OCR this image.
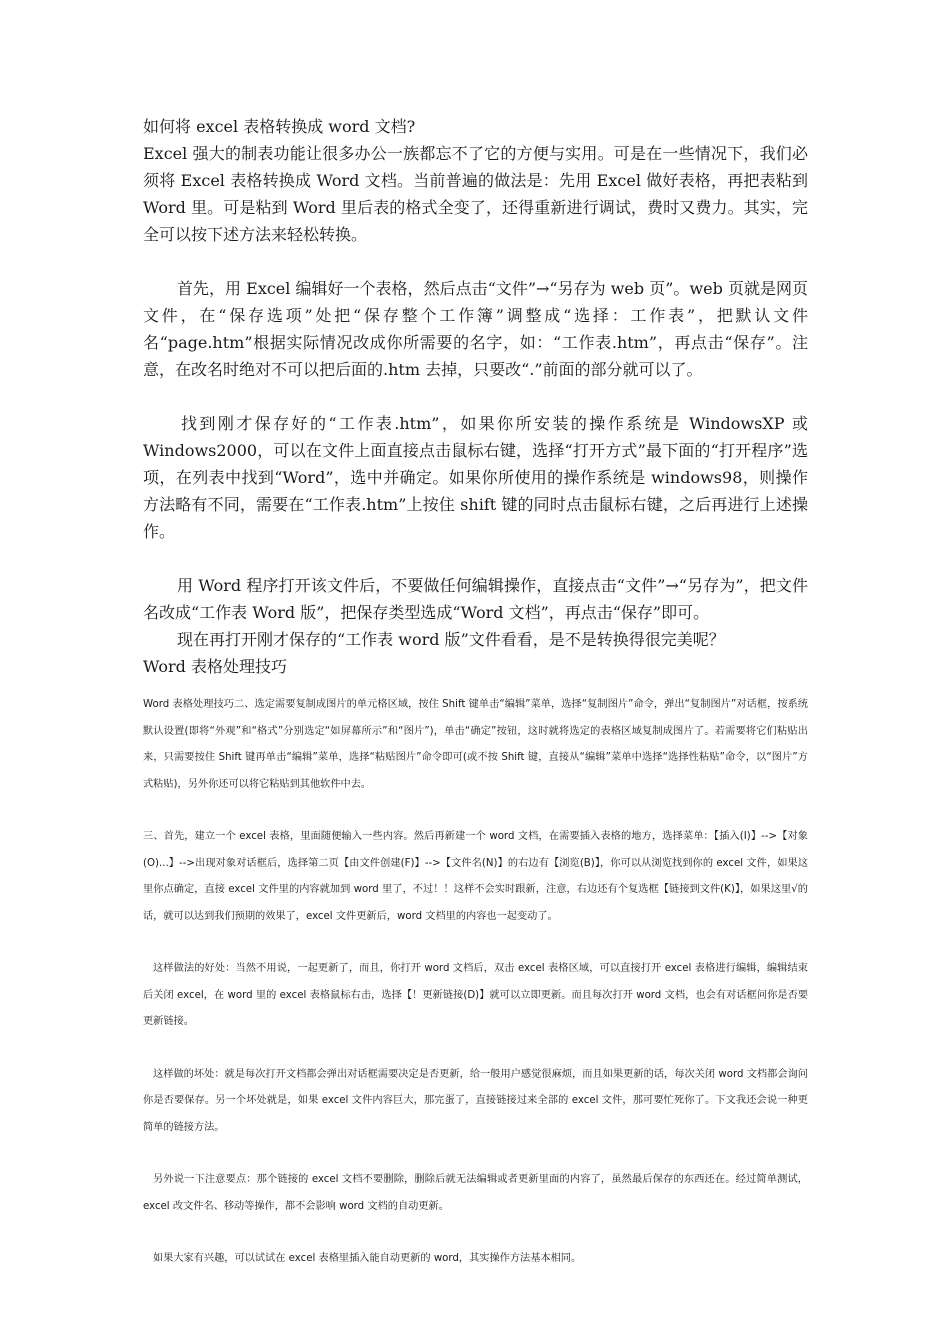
如何将 excel 表格转换成 word 文档?

Excel 强大的制表功能让很多办公一族都忘不了它的方便与实用。可是在一些情况下，我们必须将 Excel 表格转换成 Word 文档。当前普遍的做法是：先用 Excel 做好表格，再把表粘到 Word 里。可是粘到 Word 里后表的格式全变了，还得重新进行调试，费时又费力。其实，完全可以按下述方法来轻松转换。

首先，用 Excel 编辑好一个表格，然后点击“文件”→“另存为 web 页”。web 页就是网页文件，在“保存选项”处把“保存整个工作簿”调整成“选择：工作表”，把默认文件名“page.htm”根据实际情况改成你所需要的名字，如：“工作表.htm”，再点击“保存”。注意，在改名时绝对不可以把后面的.htm 去掉，只要改“.”前面的部分就可以了。

找到刚才保存好的“工作表.htm”，如果你所安装的操作系统是 WindowsXP 或 Windows2000，可以在文件上面直接点击鼠标右键，选择“打开方式”最下面的“打开程序”选项，在列表中找到“Word”，选中并确定。如果你所使用的操作系统是 windows98，则操作方法略有不同，需要在“工作表.htm”上按住 shift 键的同时点击鼠标右键，之后再进行上述操作。

用 Word 程序打开该文件后，不要做任何编辑操作，直接点击“文件”→“另存为”，把文件名改成“工作表 Word 版”，把保存类型选成“Word 文档”，再点击“保存”即可。

现在再打开刚才保存的“工作表 word 版”文件看看，是不是转换得很完美呢？

Word 表格处理技巧

Word 表格处理技巧二、选定需要复制成图片的单元格区域，按住 Shift 键单击“编辑”菜单，选择“复制图片”命令，弹出“复制图片”对话框，按系统默认设置(即将“外观”和“格式”分别选定“如屏幕所示”和“图片”)，单击“确定”按钮，这时就将选定的表格区域复制成图片了。若需要将它们粘贴出来，只需要按住 Shift 键再单击“编辑”菜单，选择“粘贴图片”命令即可(或不按 Shift 键，直接从“编辑”菜单中选择“选择性粘贴”命令，以“图片”方式粘贴)，另外你还可以将它粘贴到其他软件中去。

三、首先，建立一个 excel 表格，里面随便输入一些内容。然后再新建一个 word 文档，在需要插入表格的地方，选择菜单：【插入(I)】-->【对象(O)...】-->出现对象对话框后，选择第二页【由文件创建(F)】-->【文件名(N)】的右边有【浏览(B)】，你可以从浏览找到你的 excel 文件，如果这里你点确定，直接 excel 文件里的内容就加到 word 里了，不过！！这样不会实时跟新，注意，右边还有个复选框【链接到文件(K)】，如果这里√的话，就可以达到我们预期的效果了，excel 文件更新后，word 文档里的内容也一起变动了。

这样做法的好处：当然不用说，一起更新了，而且，你打开 word 文档后，双击 excel 表格区域，可以直接打开 excel 表格进行编辑，编辑结束后关闭 excel，在 word 里的 excel 表格鼠标右击，选择【！更新链接(D)】就可以立即更新。而且每次打开 word 文档，也会有对话框问你是否要更新链接。

这样做的坏处：就是每次打开文档都会弹出对话框需要决定是否更新，给一般用户感觉很麻烦，而且如果更新的话，每次关闭 word 文档都会询问你是否要保存。另一个坏处就是，如果 excel 文件内容巨大，那完蛋了，直接链接过来全部的 excel 文件，那可要忙死你了。下文我还会说一种更简单的链接方法。

另外说一下注意要点：那个链接的 excel 文档不要删除，删除后就无法编辑或者更新里面的内容了，虽然最后保存的东西还在。经过简单测试，excel 改文件名、移动等操作，都不会影响 word 文档的自动更新。

如果大家有兴趣，可以试试在 excel 表格里插入能自动更新的 word，其实操作方法基本相同。
